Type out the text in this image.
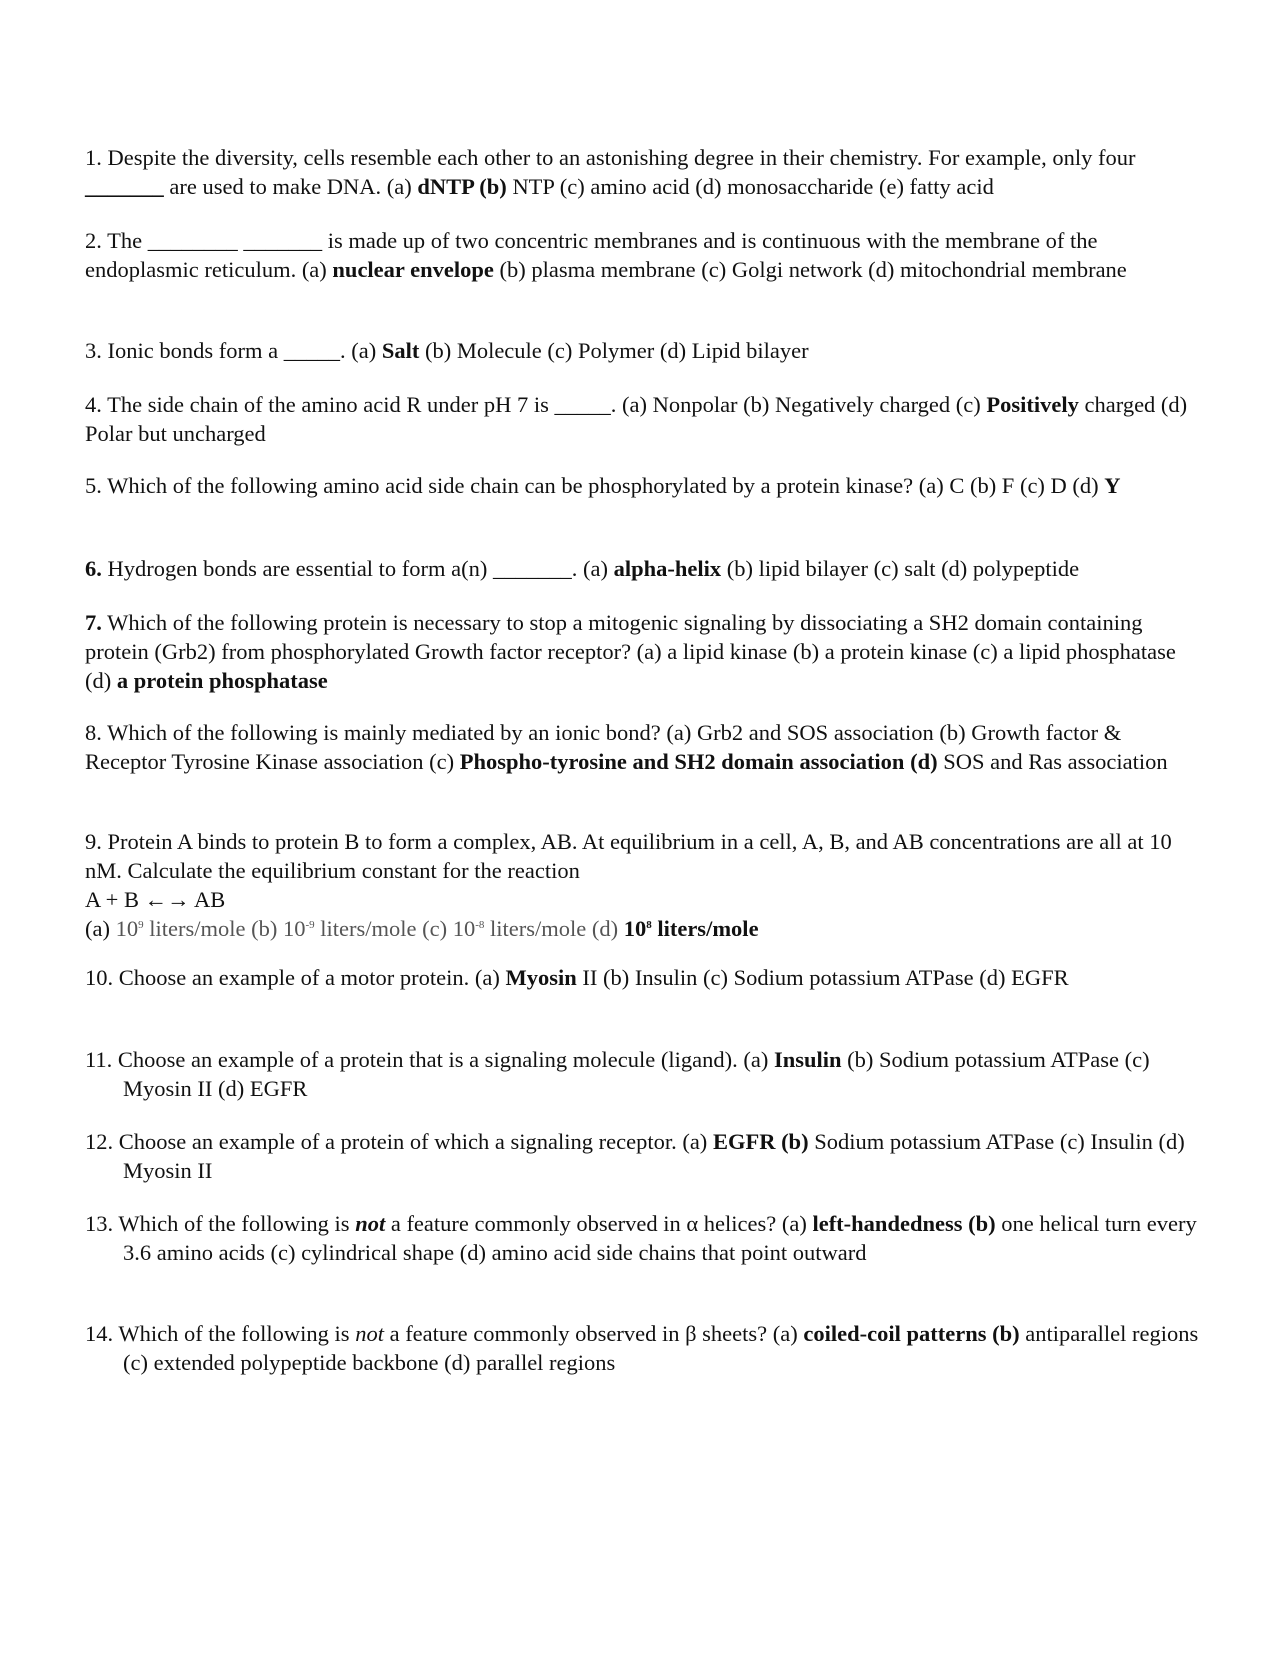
1. Despite the diversity, cells resemble each other to an astonishing degree in their chemistry. For example, only four _______ are used to make DNA. (a) dNTP (b) NTP (c) amino acid (d) monosaccharide (e) fatty acid

2. The ________ _______ is made up of two concentric membranes and is continuous with the membrane of the endoplasmic reticulum. (a) nuclear envelope (b) plasma membrane (c) Golgi network (d) mitochondrial membrane

3. Ionic bonds form a _____. (a) Salt (b) Molecule (c) Polymer (d) Lipid bilayer

4. The side chain of the amino acid R under pH 7 is _____. (a) Nonpolar (b) Negatively charged (c) Positively charged (d) Polar but uncharged

5. Which of the following amino acid side chain can be phosphorylated by a protein kinase? (a) C (b) F (c) D (d) Y

6. Hydrogen bonds are essential to form a(n) _______. (a) alpha-helix (b) lipid bilayer (c) salt (d) polypeptide

7. Which of the following protein is necessary to stop a mitogenic signaling by dissociating a SH2 domain containing protein (Grb2) from phosphorylated Growth factor receptor? (a) a lipid kinase (b) a protein kinase (c) a lipid phosphatase (d) a protein phosphatase

8. Which of the following is mainly mediated by an ionic bond? (a) Grb2 and SOS association (b) Growth factor & Receptor Tyrosine Kinase association (c) Phospho-tyrosine and SH2 domain association (d) SOS and Ras association

9. Protein A binds to protein B to form a complex, AB. At equilibrium in a cell, A, B, and AB concentrations are all at 10 nM. Calculate the equilibrium constant for the reaction
A + B ←→ AB
(a) $10^9$ liters/mole (b) $10^{-9}$ liters/mole (c) $10^{-8}$ liters/mole (d) $10^8$ liters/mole

10. Choose an example of a motor protein. (a) Myosin II (b) Insulin (c) Sodium potassium ATPase (d) EGFR

11. Choose an example of a protein that is a signaling molecule (ligand). (a) Insulin (b) Sodium potassium ATPase (c) Myosin II (d) EGFR

12. Choose an example of a protein of which a signaling receptor. (a) EGFR (b) Sodium potassium ATPase (c) Insulin (d) Myosin II

13. Which of the following is not a feature commonly observed in α helices? (a) left-handedness (b) one helical turn every 3.6 amino acids (c) cylindrical shape (d) amino acid side chains that point outward

14. Which of the following is not a feature commonly observed in β sheets? (a) coiled-coil patterns (b) antiparallel regions (c) extended polypeptide backbone (d) parallel regions
